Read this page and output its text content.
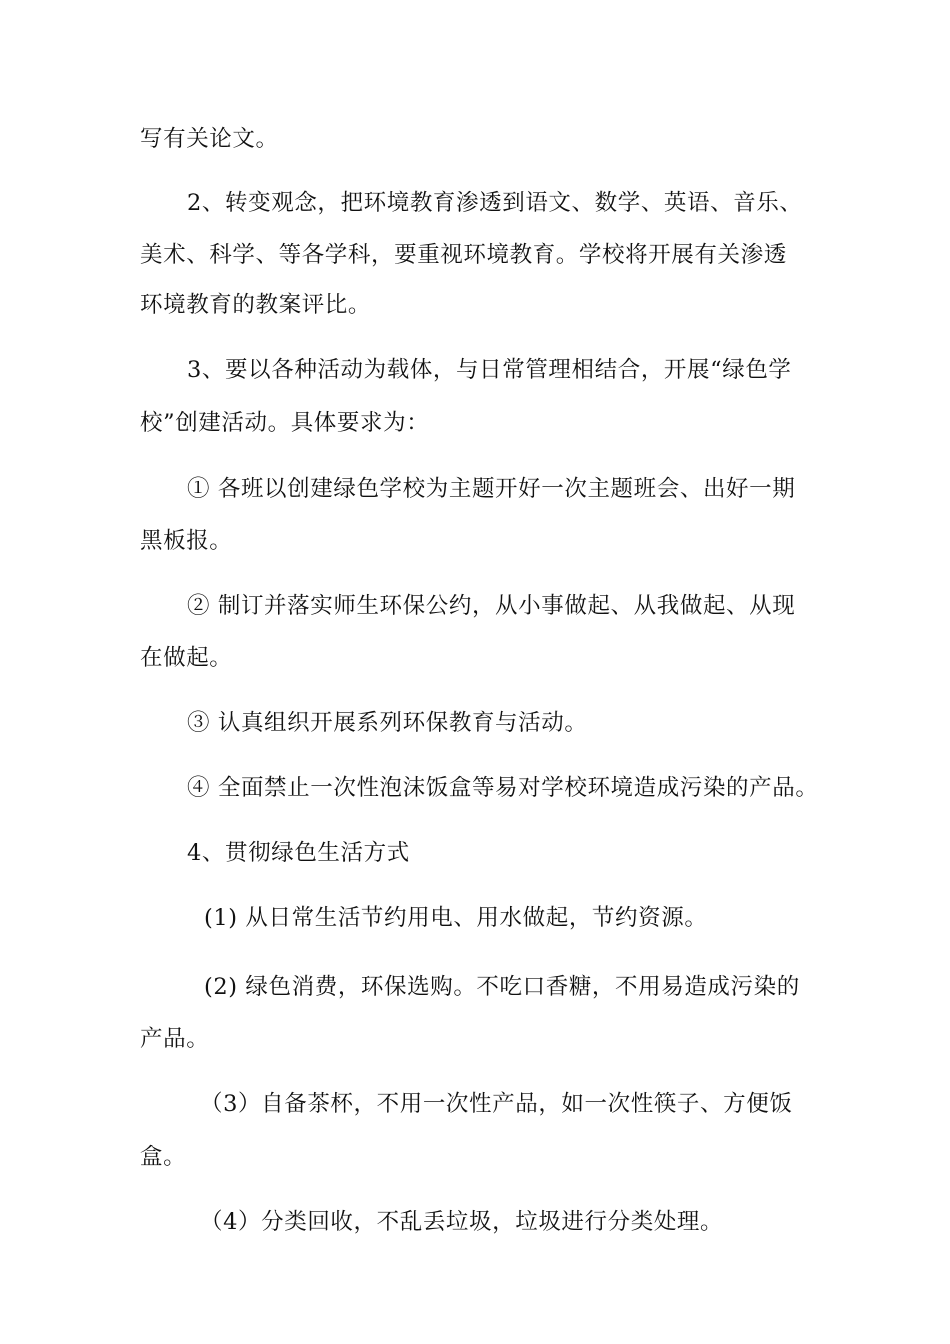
写有关论文。
2、转变观念，把环境教育渗透到语文、数学、英语、音乐、
美术、科学、等各学科，要重视环境教育。学校将开展有关渗透
环境教育的教案评比。
3、要以各种活动为载体，与日常管理相结合，开展“绿色学
校”创建活动。具体要求为：
① 各班以创建绿色学校为主题开好一次主题班会、出好一期
黑板报。
② 制订并落实师生环保公约，从小事做起、从我做起、从现
在做起。
③ 认真组织开展系列环保教育与活动。
④ 全面禁止一次性泡沫饭盒等易对学校环境造成污染的产品。
4、贯彻绿色生活方式
(1) 从日常生活节约用电、用水做起，节约资源。
(2) 绿色消费，环保选购。不吃口香糖，不用易造成污染的
产品。
（3）自备茶杯，不用一次性产品，如一次性筷子、方便饭
盒。
（4）分类回收，不乱丢垃圾，垃圾进行分类处理。
